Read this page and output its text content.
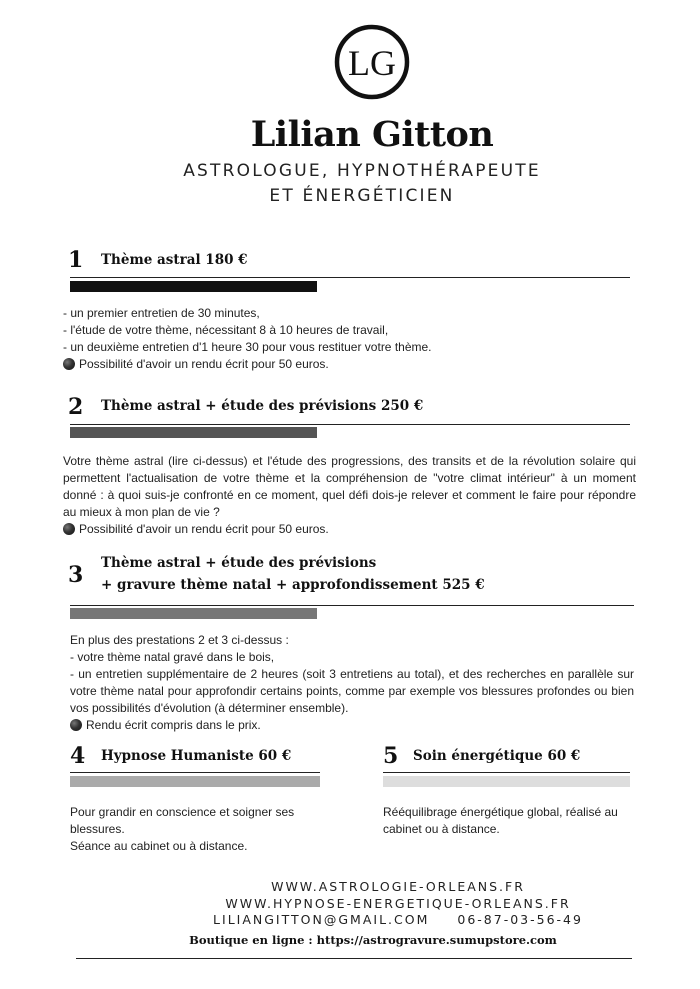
LG
Lilian Gitton
ASTROLOGUE, HYPNOTHÉRAPEUTE
ET ÉNERGÉTICIEN
1 Thème astral 180 €
- un premier entretien de 30 minutes,
- l'étude de votre thème, nécessitant 8 à 10 heures de travail,
- un deuxième entretien d'1 heure 30 pour vous restituer votre thème.
Possibilité d'avoir un rendu écrit pour 50 euros.
2 Thème astral + étude des prévisions 250 €
Votre thème astral (lire ci-dessus) et l'étude des progressions, des transits et de la révolution solaire qui permettent l'actualisation de votre thème et la compréhension de "votre climat intérieur" à un moment donné : à quoi suis-je confronté en ce moment, quel défi dois-je relever et comment le faire pour répondre au mieux à mon plan de vie ?
Possibilité d'avoir un rendu écrit pour 50 euros.
3 Thème astral + étude des prévisions
+ gravure thème natal + approfondissement 525 €
En plus des prestations 2 et 3 ci-dessus :
- votre thème natal gravé dans le bois,
- un entretien supplémentaire de 2 heures (soit 3 entretiens au total), et des recherches en parallèle sur votre thème natal pour approfondir certains points, comme par exemple vos blessures profondes ou bien vos possibilités d'évolution (à déterminer ensemble).
Rendu écrit compris dans le prix.
4 Hypnose Humaniste 60 €
Pour grandir en conscience et soigner ses blessures.
Séance au cabinet ou à distance.
5 Soin énergétique 60 €
Rééquilibrage énergétique global, réalisé au cabinet ou à distance.
WWW.ASTROLOGIE-ORLEANS.FR
WWW.HYPNOSE-ENERGETIQUE-ORLEANS.FR
LILIANGITTON@GMAIL.COM 06-87-03-56-49
Boutique en ligne : https://astrogravure.sumupstore.com
